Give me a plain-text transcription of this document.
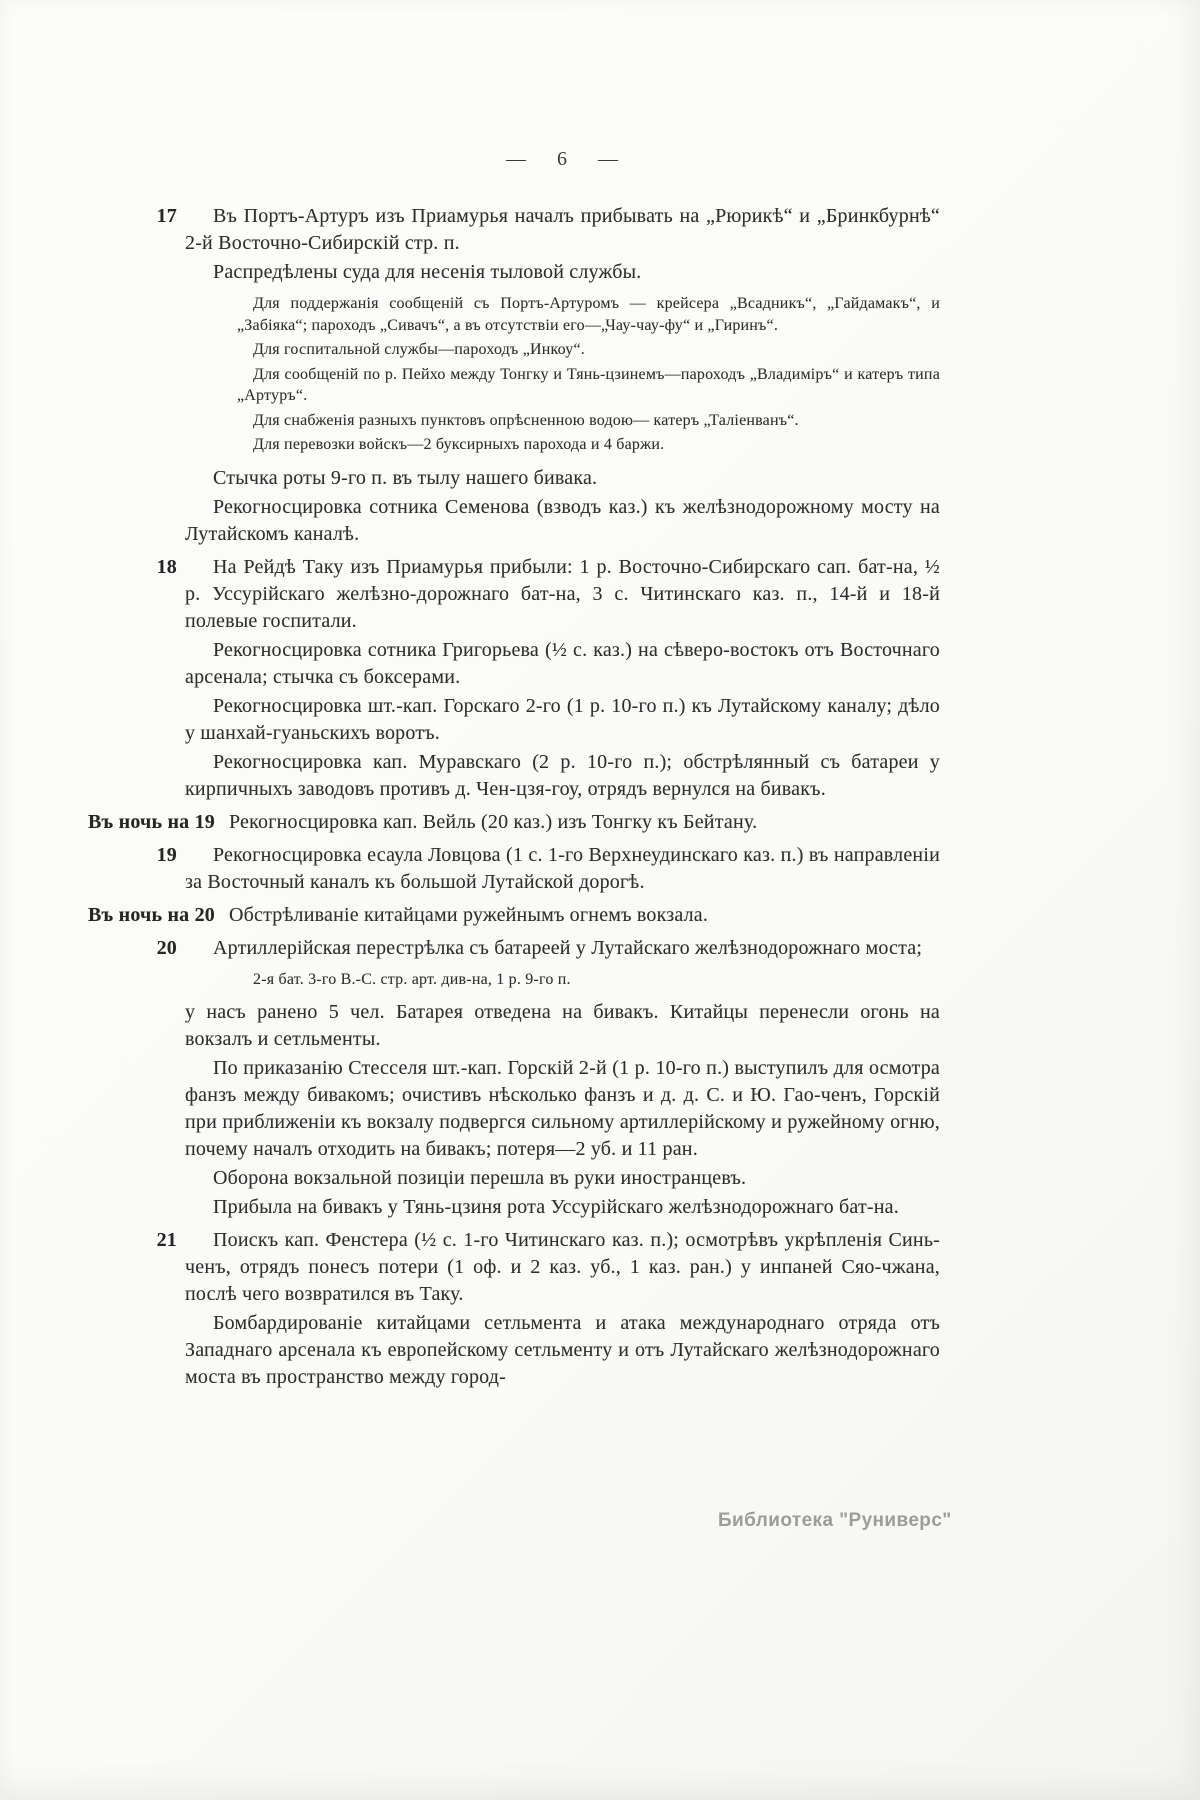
— 6 —

17 Въ Портъ-Артуръ изъ Приамурья началъ прибывать на „Рюрикѣ“ и „Бринкбурнѣ“ 2-й Восточно-Сибирскій стр. п.

Распредѣлены суда для несенія тыловой службы.

Для поддержанія сообщеній съ Портъ-Артуромъ — крейсера „Всадникъ“, „Гайдамакъ“, и „Забіяка“; пароходъ „Сивачъ“, а въ отсутствіи его—„Чау-чау-фу“ и „Гиринъ“.

Для госпитальной службы—пароходъ „Инкоу“.

Для сообщеній по р. Пейхо между Тонгку и Тянь-цзинемъ—пароходъ „Владиміръ“ и катеръ типа „Артуръ“.

Для снабженія разныхъ пунктовъ опрѣсненною водою— катеръ „Таліенванъ“.

Для перевозки войскъ—2 буксирныхъ парохода и 4 баржи.

Стычка роты 9-го п. въ тылу нашего бивака.

Рекогносцировка сотника Семенова (взводъ каз.) къ желѣзнодорожному мосту на Лутайскомъ каналѣ.

18 На Рейдѣ Таку изъ Приамурья прибыли: 1 р. Восточно-Сибирскаго сап. бат-на, ½ р. Уссурійскаго желѣзно-дорожнаго бат-на, 3 с. Читинскаго каз. п., 14-й и 18-й полевые госпитали.

Рекогносцировка сотника Григорьева (½ с. каз.) на сѣверо-востокъ отъ Восточнаго арсенала; стычка съ боксерами.

Рекогносцировка шт.-кап. Горскаго 2-го (1 р. 10-го п.) къ Лутайскому каналу; дѣло у шанхай-гуаньскихъ воротъ.

Рекогносцировка кап. Муравскаго (2 р. 10-го п.); обстрѣлянный съ батареи у кирпичныхъ заводовъ противъ д. Чен-цзя-гоу, отрядъ вернулся на бивакъ.

Въ ночь на 19 Рекогносцировка кап. Вейль (20 каз.) изъ Тонгку къ Бейтану.

19 Рекогносцировка есаула Ловцова (1 с. 1-го Верхнеудинскаго каз. п.) въ направленіи за Восточный каналъ къ большой Лутайской дорогѣ.

Въ ночь на 20 Обстрѣливаніе китайцами ружейнымъ огнемъ вокзала.

20 Артиллерійская перестрѣлка съ батареей у Лутайскаго желѣзнодорожнаго моста;

2-я бат. 3-го В.-С. стр. арт. див-на, 1 р. 9-го п.

у насъ ранено 5 чел. Батарея отведена на бивакъ. Китайцы перенесли огонь на вокзалъ и сетльменты.

По приказанію Стесселя шт.-кап. Горскій 2-й (1 р. 10-го п.) выступилъ для осмотра фанзъ между бивакомъ; очистивъ нѣсколько фанзъ и д. д. С. и Ю. Гао-ченъ, Горскій при приближеніи къ вокзалу подвергся сильному артиллерійскому и ружейному огню, почему началъ отходить на бивакъ; потеря—2 уб. и 11 ран.

Оборона вокзальной позиціи перешла въ руки иностранцевъ.

Прибыла на бивакъ у Тянь-цзиня рота Уссурійскаго желѣзнодорожнаго бат-на.

21 Поискъ кап. Фенстера (½ с. 1-го Читинскаго каз. п.); осмотрѣвъ укрѣпленія Синь-ченъ, отрядъ понесъ потери (1 оф. и 2 каз. уб., 1 каз. ран.) у инпаней Сяо-чжана, послѣ чего возвратился въ Таку.

Бомбардированіе китайцами сетльмента и атака международнаго отряда отъ Западнаго арсенала къ европейскому сетльменту и отъ Лутайскаго желѣзнодорожнаго моста въ пространство между город-

Библиотека "Руниверс"
